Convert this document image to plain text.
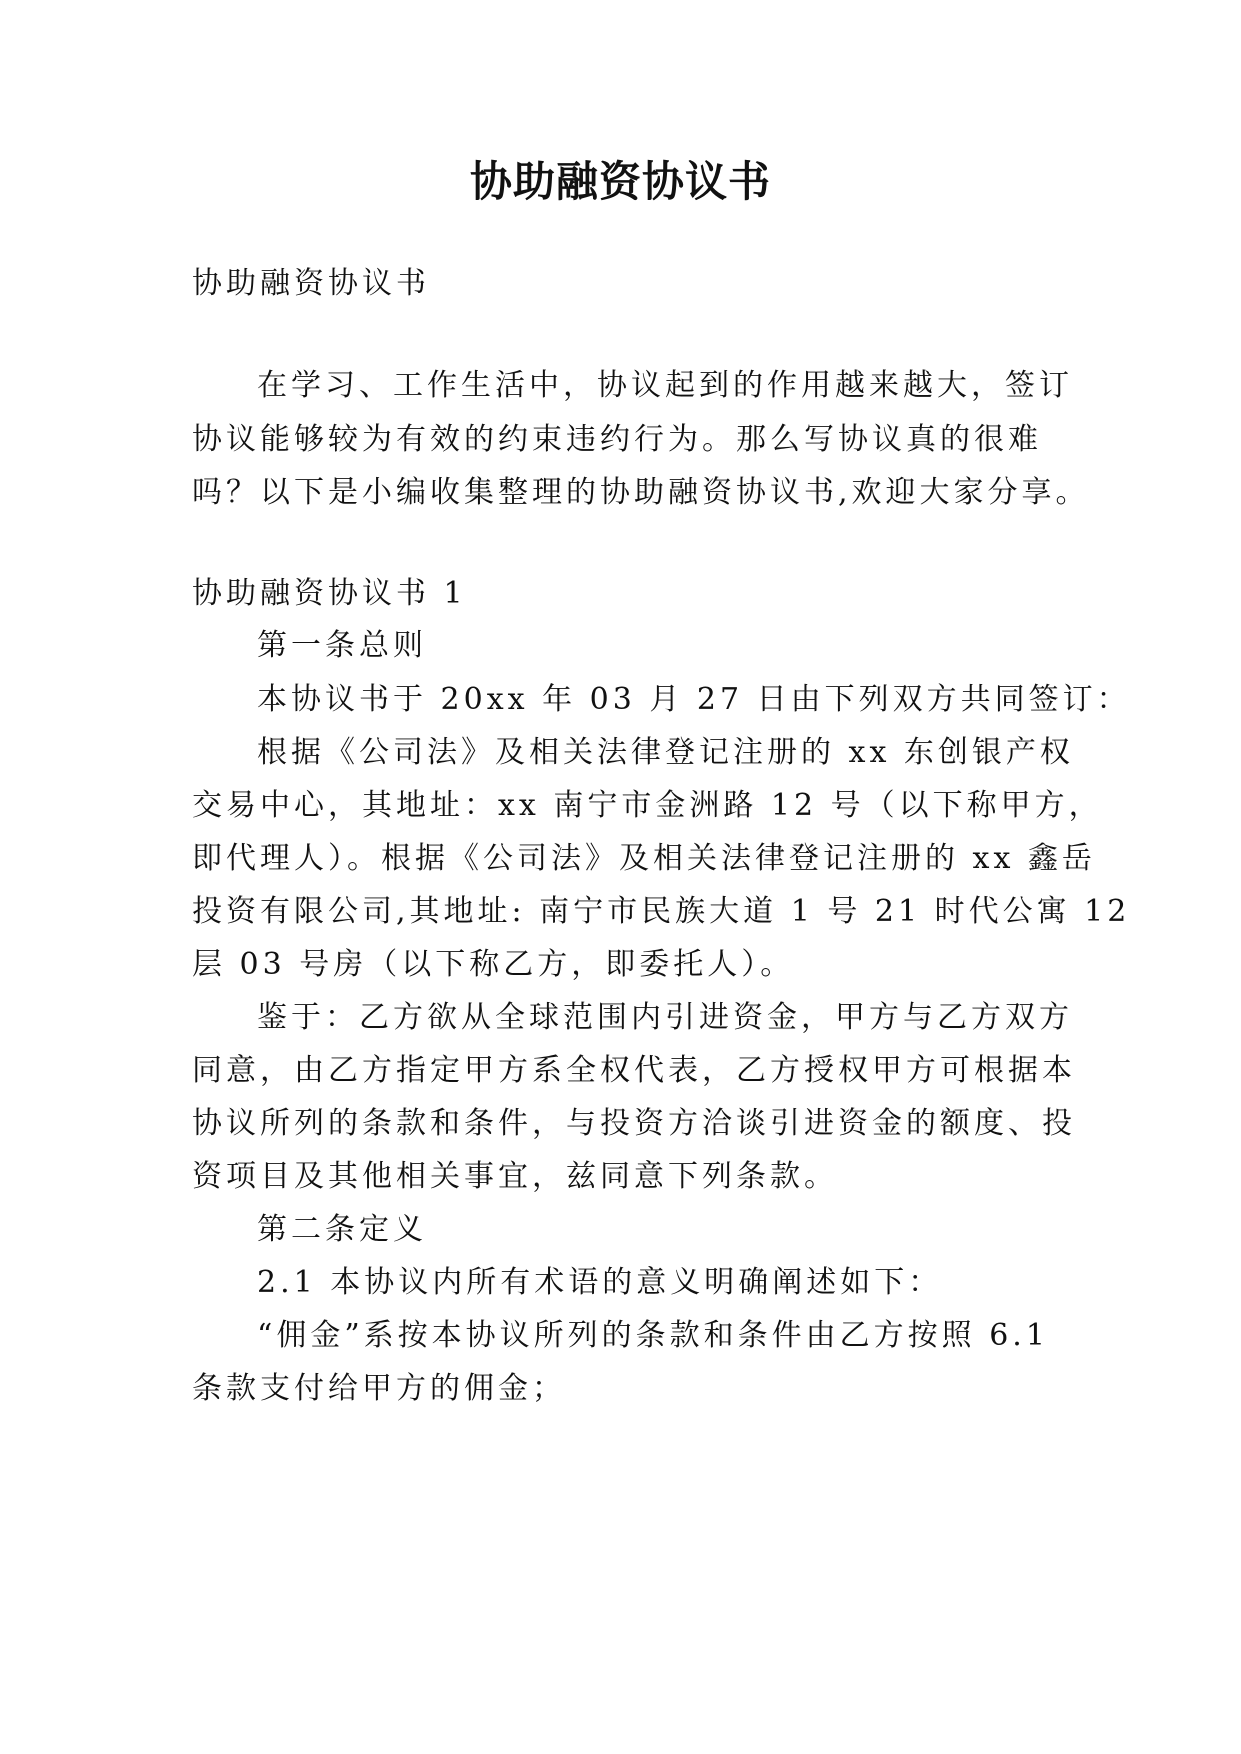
协助融资协议书

协助融资协议书

在学习、工作生活中，协议起到的作用越来越大，签订

协议能够较为有效的约束违约行为。那么写协议真的很难

吗？以下是小编收集整理的协助融资协议书,欢迎大家分享。

协助融资协议书 1

第一条总则

本协议书于 20xx 年 03 月 27 日由下列双方共同签订：

根据《公司法》及相关法律登记注册的 xx 东创银产权

交易中心，其地址：xx 南宁市金洲路 12 号（以下称甲方，

即代理人）。根据《公司法》及相关法律登记注册的 xx 鑫岳

投资有限公司,其地址: 南宁市民族大道 1 号 21 时代公寓 12

层 03 号房（以下称乙方，即委托人）。

鉴于：乙方欲从全球范围内引进资金，甲方与乙方双方

同意，由乙方指定甲方系全权代表，乙方授权甲方可根据本

协议所列的条款和条件，与投资方洽谈引进资金的额度、投

资项目及其他相关事宜，兹同意下列条款。

第二条定义

2.1 本协议内所有术语的意义明确阐述如下：

“佣金”系按本协议所列的条款和条件由乙方按照 6.1

条款支付给甲方的佣金；
